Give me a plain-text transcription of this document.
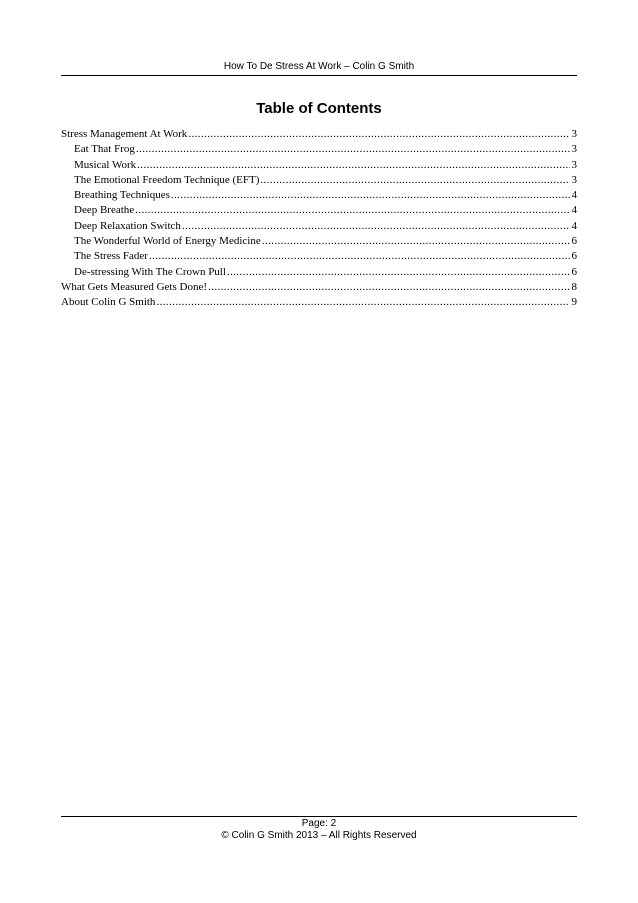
How To De Stress At Work – Colin G Smith
Table of Contents
Stress Management At Work .....	3
Eat That Frog .....	3
Musical Work .....	3
The Emotional Freedom Technique (EFT) .....	3
Breathing Techniques .....	4
Deep Breathe .....	4
Deep Relaxation Switch .....	4
The Wonderful World of Energy Medicine .....	6
The Stress Fader .....	6
De-stressing With The Crown Pull .....	6
What Gets Measured Gets Done! .....	8
About Colin G Smith .....	9
Page: 2
© Colin G Smith 2013 – All Rights Reserved
